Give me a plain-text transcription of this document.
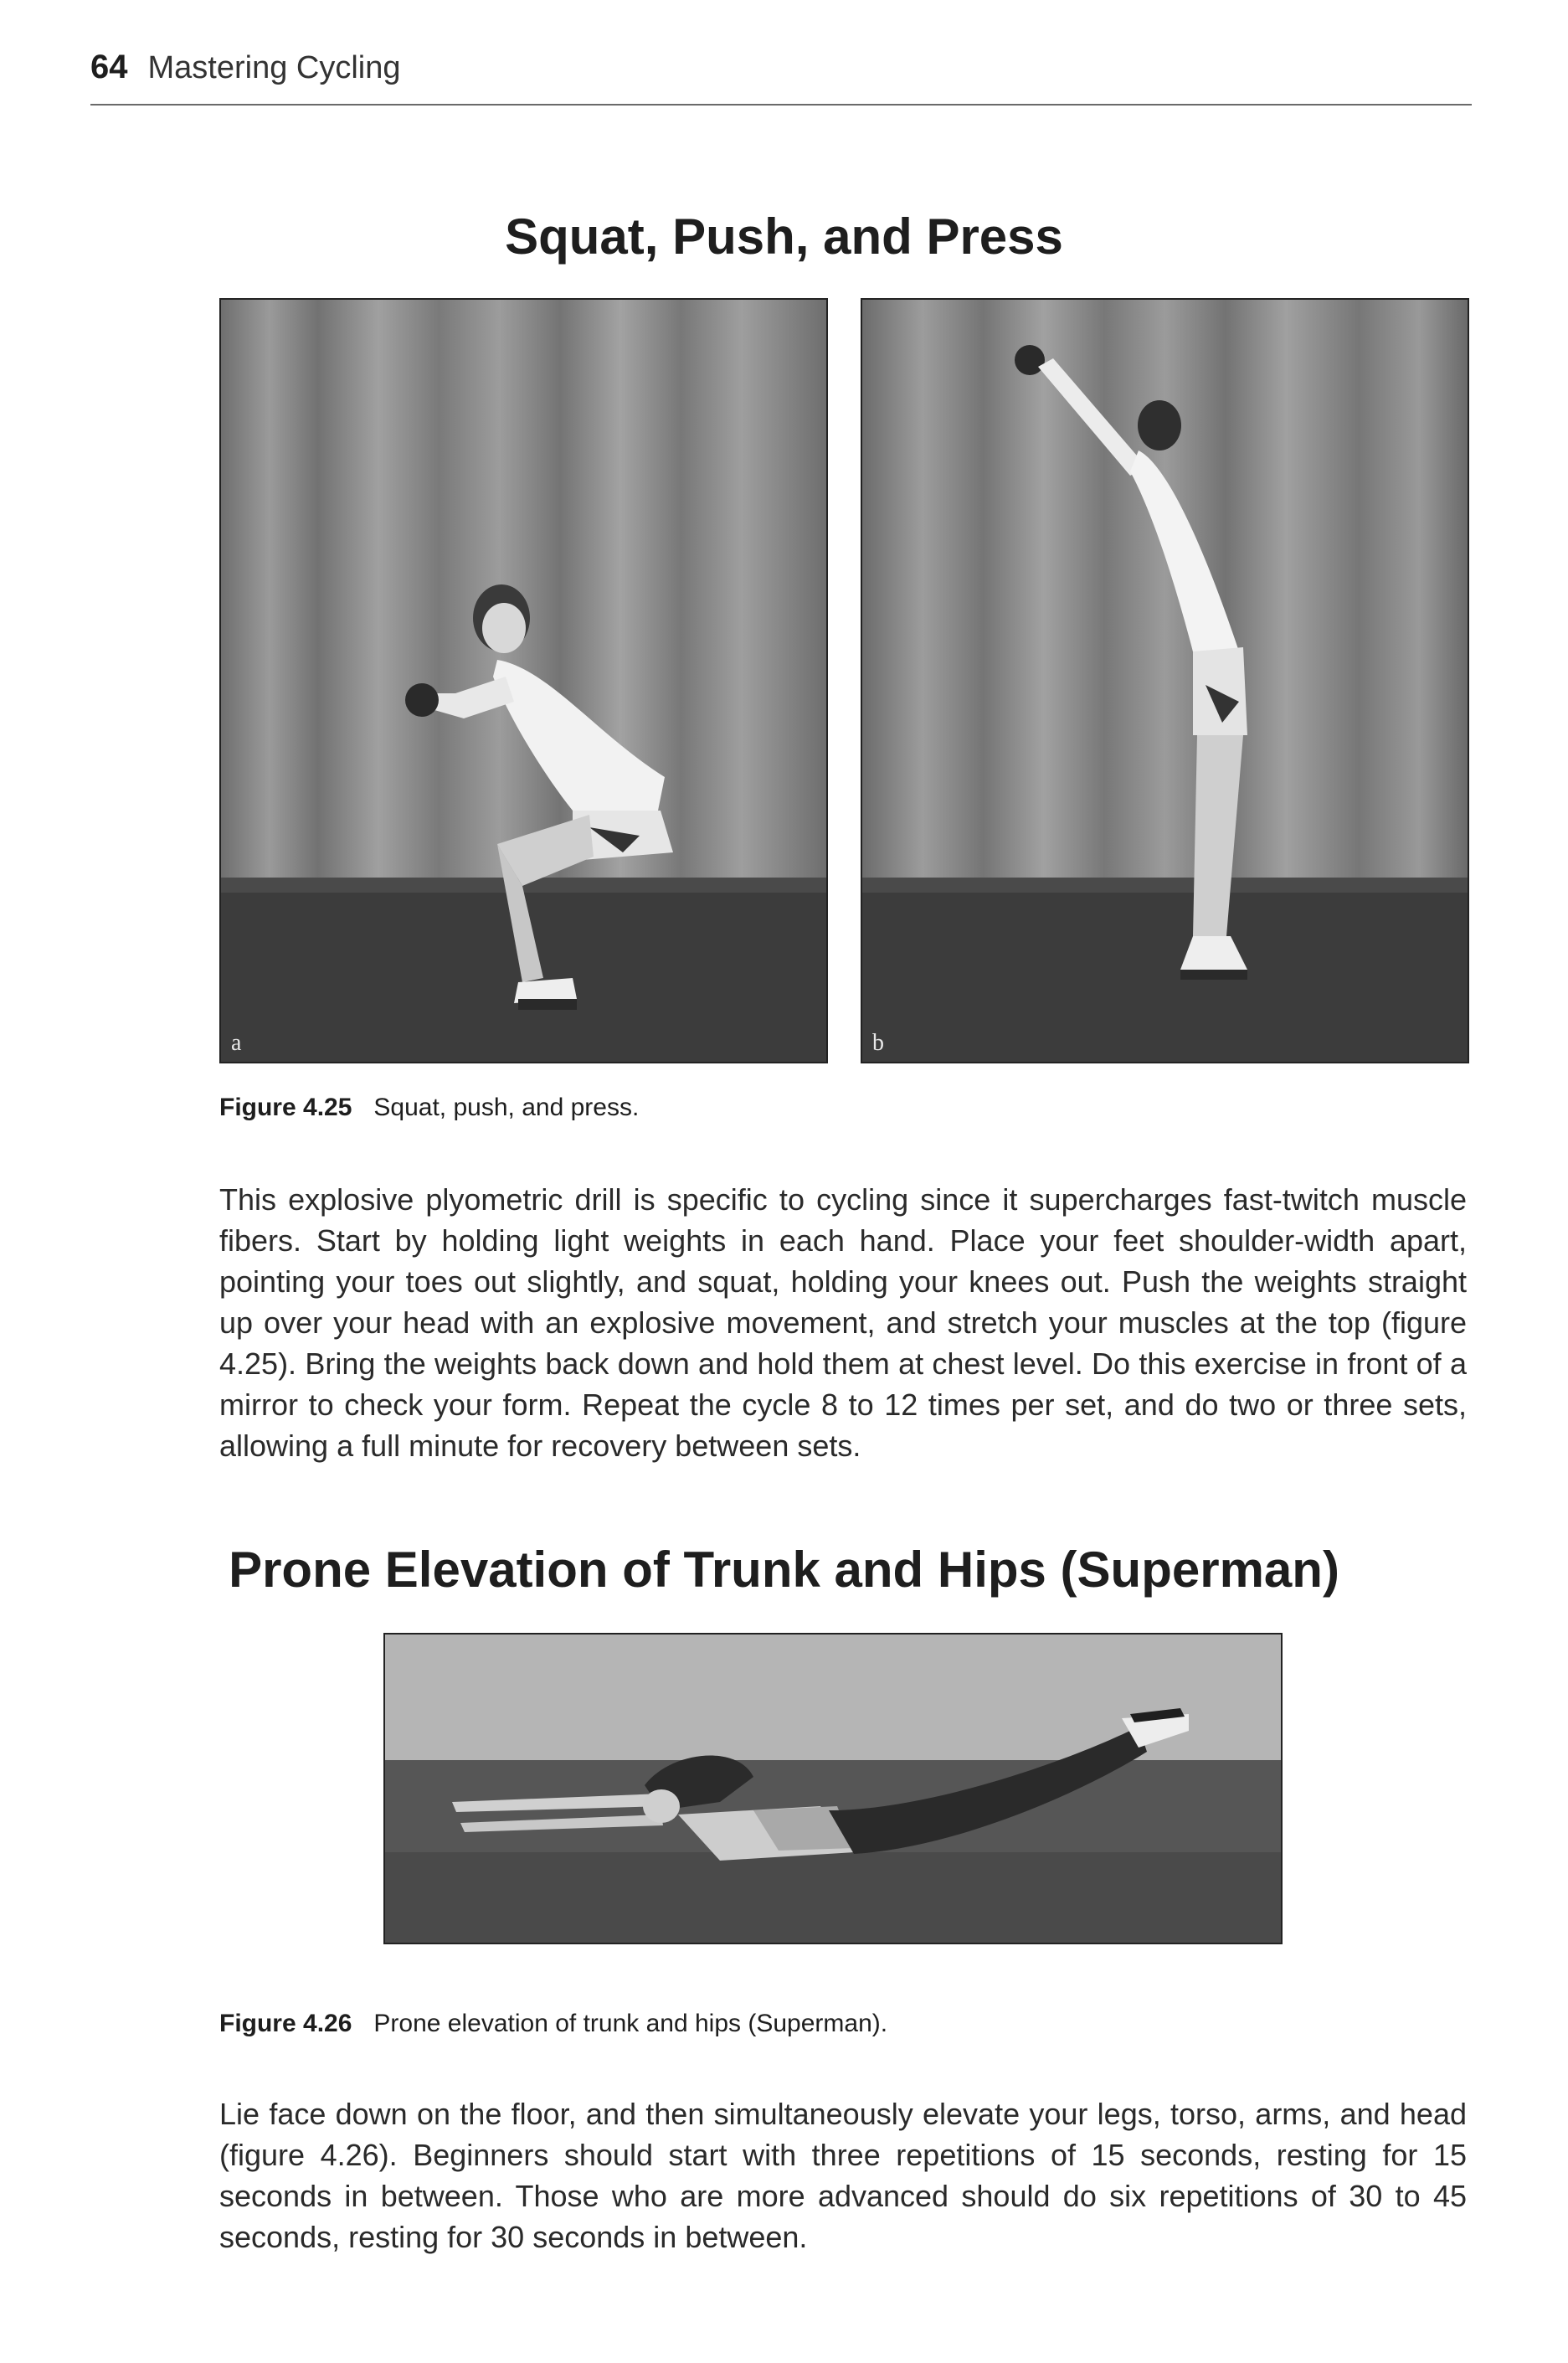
64 Mastering Cycling
Squat, Push, and Press
a	b
Figure 4.25 Squat, push, and press.

This explosive plyometric drill is specific to cycling since it supercharges fast-twitch muscle fibers. Start by holding light weights in each hand. Place your feet shoulder-width apart, pointing your toes out slightly, and squat, holding your knees out. Push the weights straight up over your head with an explosive movement, and stretch your muscles at the top (figure 4.25). Bring the weights back down and hold them at chest level. Do this exercise in front of a mirror to check your form. Repeat the cycle 8 to 12 times per set, and do two or three sets, allowing a full minute for recovery between sets.

Prone Elevation of Trunk and Hips (Superman)
Figure 4.26 Prone elevation of trunk and hips (Superman).

Lie face down on the floor, and then simultaneously elevate your legs, torso, arms, and head (figure 4.26). Beginners should start with three repetitions of 15 seconds, resting for 15 seconds in between. Those who are more advanced should do six repetitions of 30 to 45 seconds, resting for 30 seconds in between.
